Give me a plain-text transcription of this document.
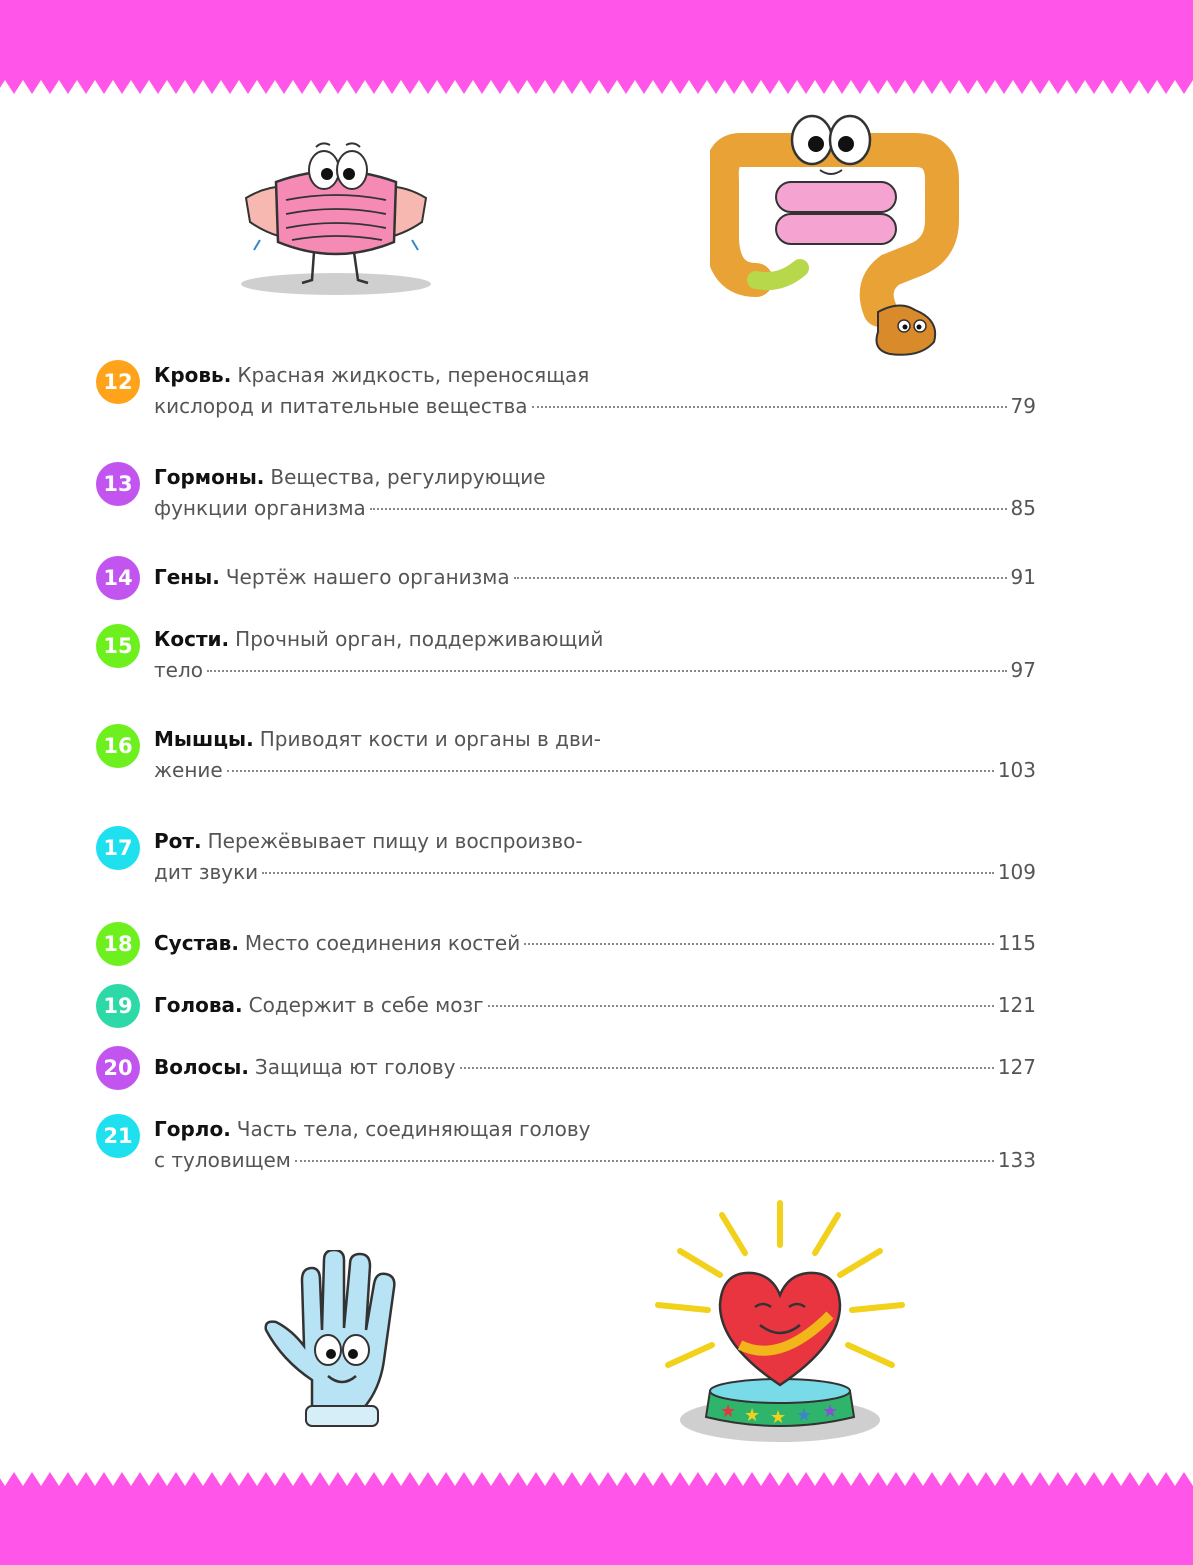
★ ★ ★ ★ ★
12	Кровь. Красная жидкость, переносящая
кислород и питательные вещества	79
13	Гормоны. Вещества, регулирующие
функции организма	85
14	Гены. Чертёж нашего организма	91
15	Кости. Прочный орган, поддерживающий
тело	97
16	Мышцы. Приводят кости и органы в дви-
жение	103
17	Рот. Пережёвывает пищу и воспроизво-
дит звуки	109
18	Сустав. Место соединения костей	115
19	Голова. Содержит в себе мозг	121
20	Волосы. Защища ют голову	127
21	Горло. Часть тела, соединяющая голову
с туловищем	133
